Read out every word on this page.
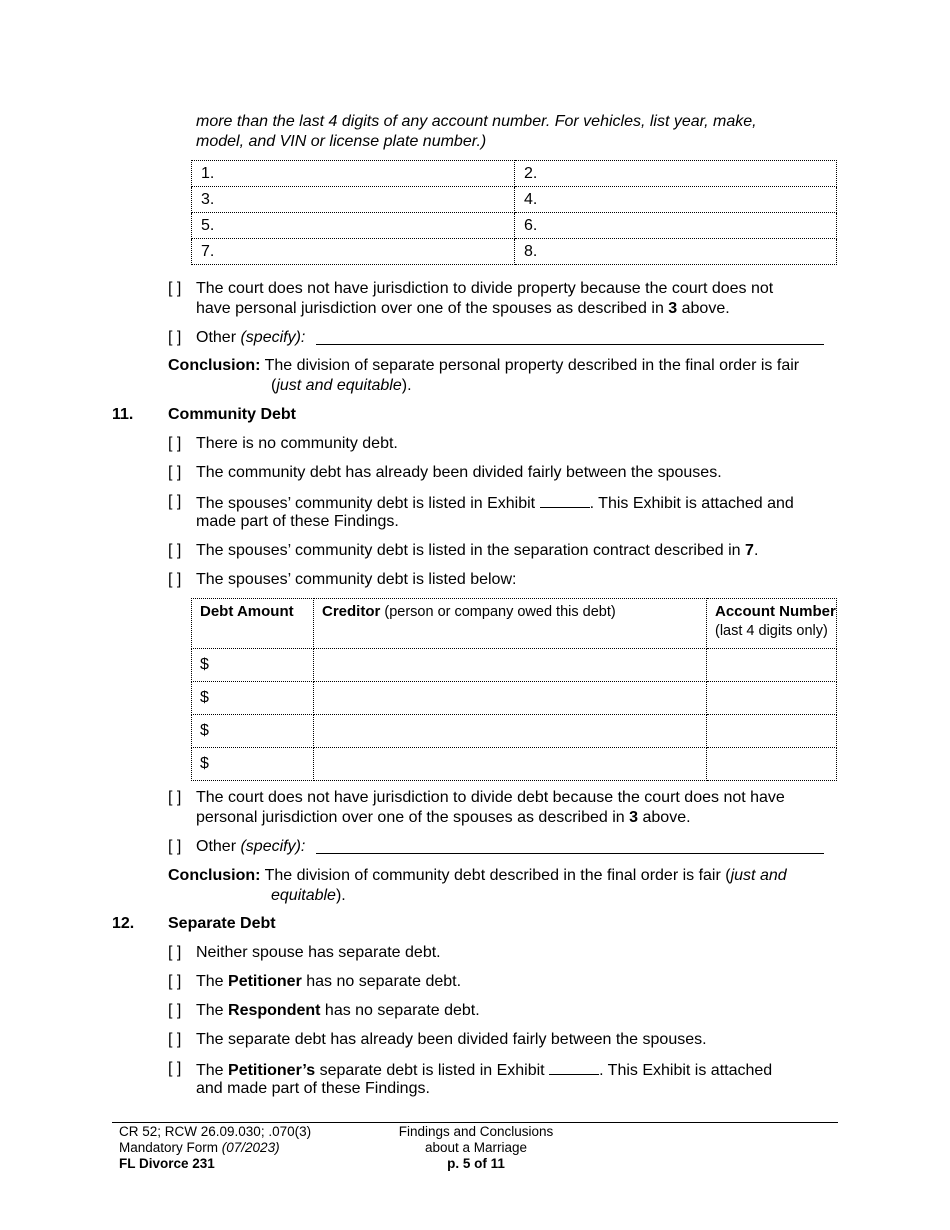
more than the last 4 digits of any account number. For vehicles, list year, make,
model, and VIN or license plate number.)
1.	2.
3.	4.
5.	6.
7.	8.
[ ] The court does not have jurisdiction to divide property because the court does not
have personal jurisdiction over one of the spouses as described in 3 above.
[ ] Other (specify):
Conclusion: The division of separate personal property described in the final order is fair
(just and equitable).
11. Community Debt
[ ] There is no community debt.
[ ] The community debt has already been divided fairly between the spouses.
[ ] The spouses’ community debt is listed in Exhibit	. This Exhibit is attached and
made part of these Findings.
[ ] The spouses’ community debt is listed in the separation contract described in 7.
[ ] The spouses’ community debt is listed below:
Debt Amount	Creditor (person or company owed this debt)	Account Number
(last 4 digits only)

$		
$		
$		
$		
[ ] The court does not have jurisdiction to divide debt because the court does not have
personal jurisdiction over one of the spouses as described in 3 above.
[ ] Other (specify):
Conclusion: The division of community debt described in the final order is fair (just and
equitable).
12. Separate Debt
[ ] Neither spouse has separate debt.
[ ] The Petitioner has no separate debt.
[ ] The Respondent has no separate debt.
[ ] The separate debt has already been divided fairly between the spouses.
[ ] The Petitioner’s separate debt is listed in Exhibit	. This Exhibit is attached
and made part of these Findings.
CR 52; RCW 26.09.030; .070(3)
Mandatory Form (07/2023)
FL Divorce 231
Findings and Conclusions
about a Marriage
p. 5 of 11
